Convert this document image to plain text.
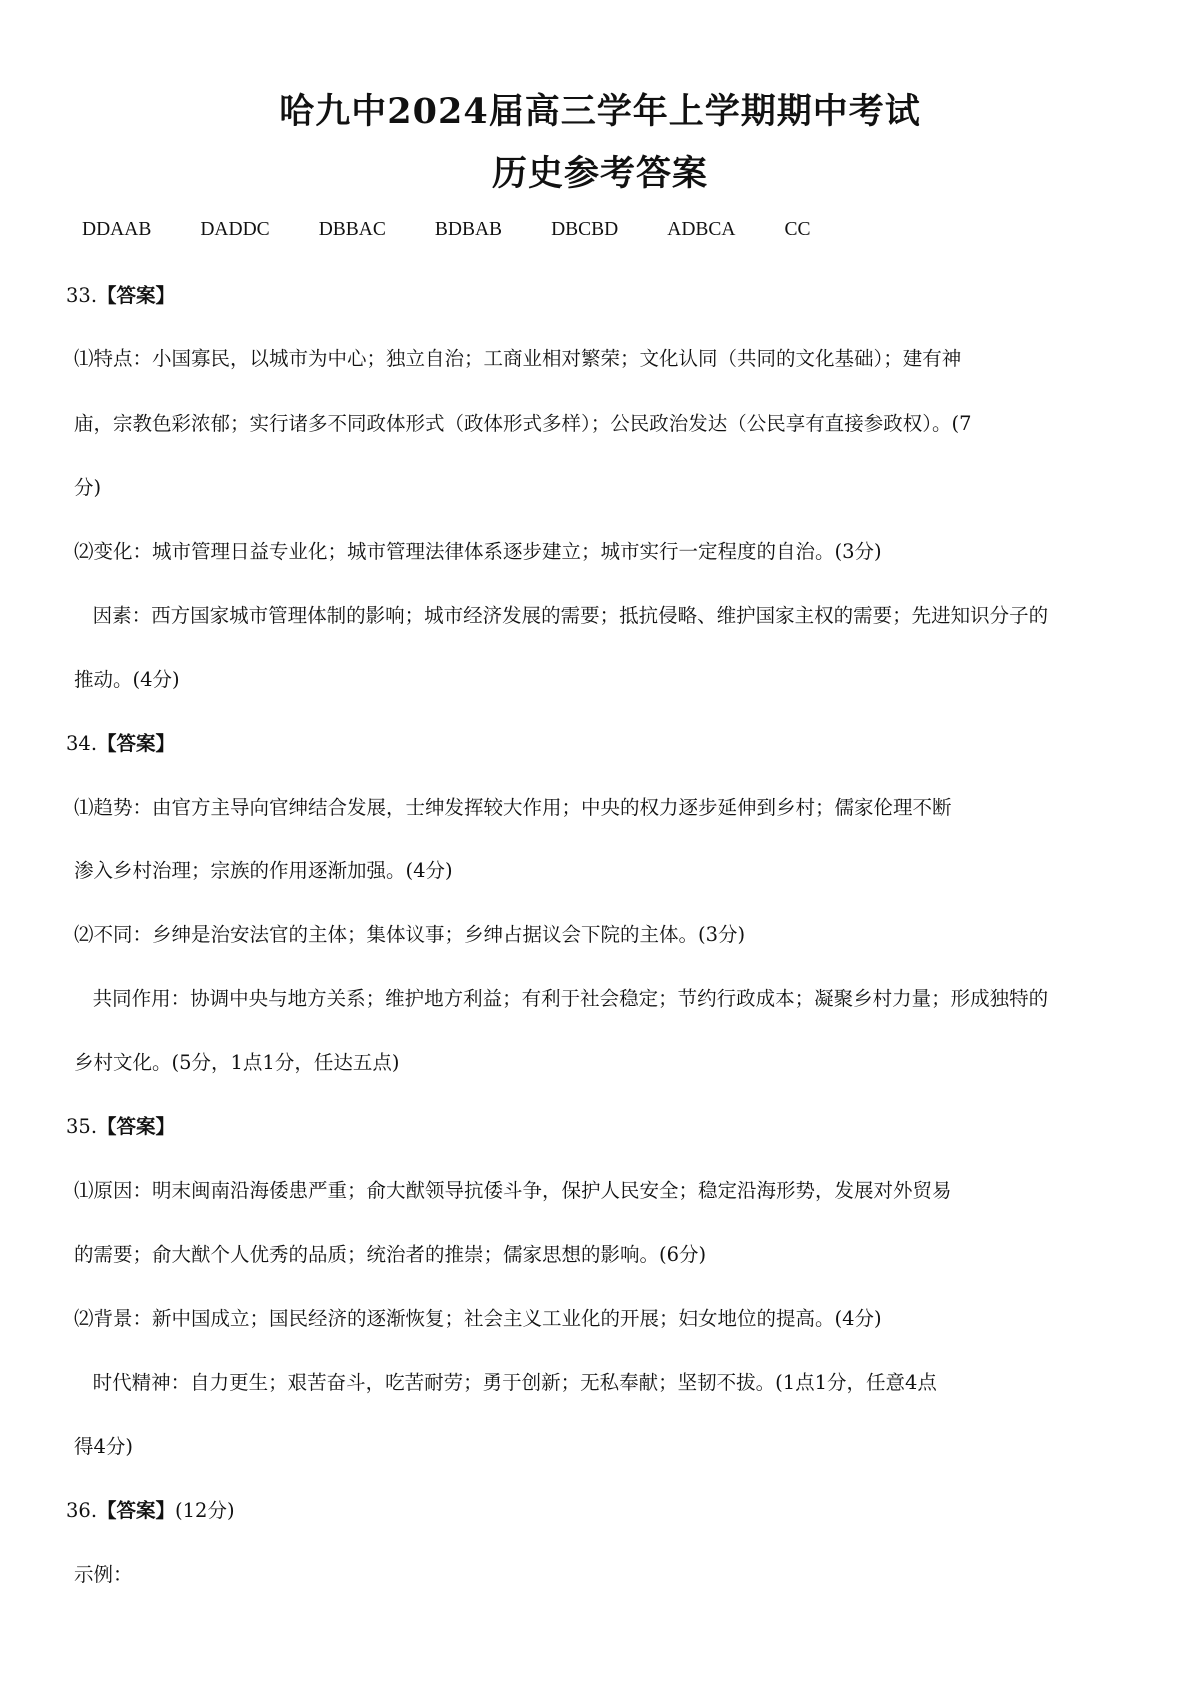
哈九中2024届高三学年上学期期中考试
历史参考答案
DDAAB	DADDC	DBBAC	BDBAB	DBCBD	ADBCA	CC
33.【答案】
⑴特点：小国寡民，以城市为中心；独立自治；工商业相对繁荣；文化认同（共同的文化基础）；建有神
庙，宗教色彩浓郁；实行诸多不同政体形式（政体形式多样）；公民政治发达（公民享有直接参政权）。(7
分)
⑵变化：城市管理日益专业化；城市管理法律体系逐步建立；城市实行一定程度的自治。(3分)
因素：西方国家城市管理体制的影响；城市经济发展的需要；抵抗侵略、维护国家主权的需要；先进知识分子的
推动。(4分)
34.【答案】
⑴趋势：由官方主导向官绅结合发展，士绅发挥较大作用；中央的权力逐步延伸到乡村；儒家伦理不断
渗入乡村治理；宗族的作用逐渐加强。(4分)
⑵不同：乡绅是治安法官的主体；集体议事；乡绅占据议会下院的主体。(3分)
共同作用：协调中央与地方关系；维护地方利益；有利于社会稳定；节约行政成本；凝聚乡村力量；形成独特的
乡村文化。(5分，1点1分，任达五点)
35.【答案】
⑴原因：明末闽南沿海倭患严重；俞大猷领导抗倭斗争，保护人民安全；稳定沿海形势，发展对外贸易
的需要；俞大猷个人优秀的品质；统治者的推崇；儒家思想的影响。(6分)
⑵背景：新中国成立；国民经济的逐渐恢复；社会主义工业化的开展；妇女地位的提高。(4分)
时代精神：自力更生；艰苦奋斗，吃苦耐劳；勇于创新；无私奉献；坚韧不拔。(1点1分，任意4点
得4分)
36.【答案】(12分)
示例：
